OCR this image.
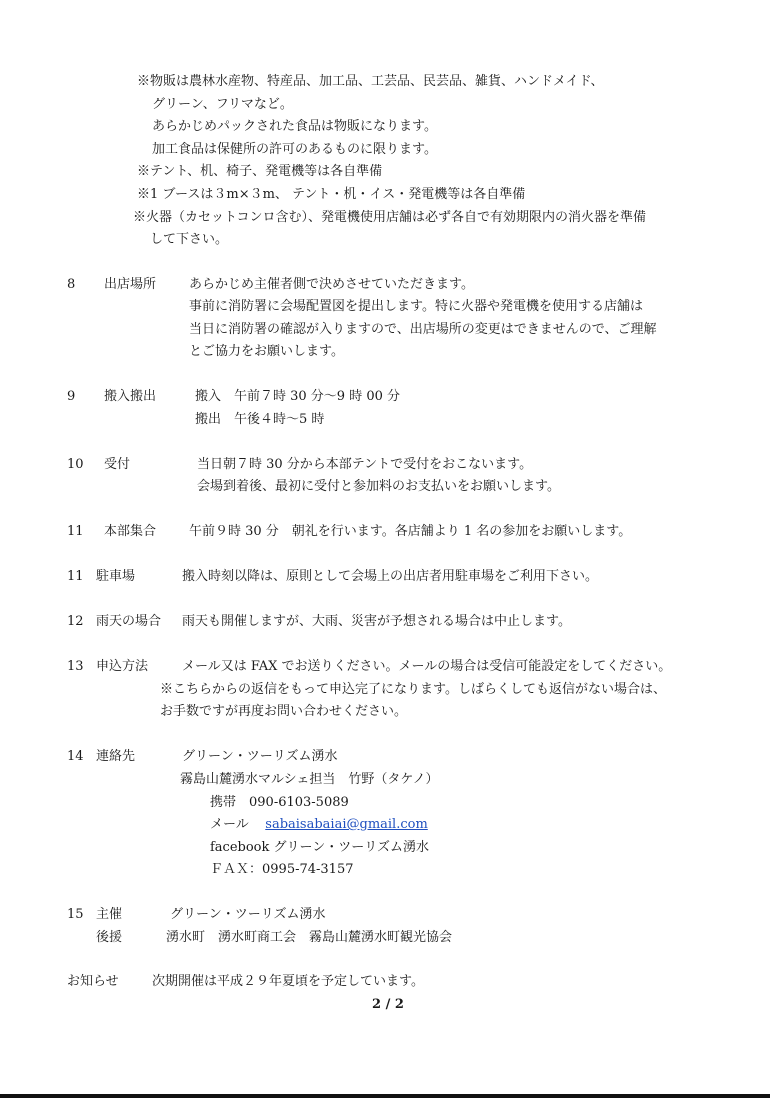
※物販は農林水産物、特産品、加工品、工芸品、民芸品、雑貨、ハンドメイド、
グリーン、フリマなど。
あらかじめパックされた食品は物販になります。
加工食品は保健所の許可のあるものに限ります。
※テント、机、椅子、発電機等は各自準備
※1 ブースは３m×３m、 テント・机・イス・発電機等は各自準備
※火器（カセットコンロ含む）、発電機使用店舗は必ず各自で有効期限内の消火器を準備
して下さい。
8 出店場所	あらかじめ主催者側で決めさせていただきます。
事前に消防署に会場配置図を提出します。特に火器や発電機を使用する店舗は
当日に消防署の確認が入りますので、出店場所の変更はできませんので、ご理解
とご協力をお願いします。
9 搬入搬出	搬入　午前７時 30 分～9 時 00 分
搬出　午後４時～5 時
10 受付	当日朝７時 30 分から本部テントで受付をおこないます。
会場到着後、最初に受付と参加料のお支払いをお願いします。
11 本部集合	午前９時 30 分　朝礼を行います。各店舗より 1 名の参加をお願いします。
11 駐車場	搬入時刻以降は、原則として会場上の出店者用駐車場をご利用下さい。
12 雨天の場合 雨天も開催しますが、大雨、災害が予想される場合は中止します。
13 申込方法	メール又は FAX でお送りください。メールの場合は受信可能設定をしてください。
※こちらからの返信をもって申込完了になります。しばらくしても返信がない場合は、
お手数ですが再度お問い合わせください。
14 連絡先	グリーン・ツーリズム湧水
霧島山麓湧水マルシェ担当　竹野（タケノ）
携帯　090-6103-5089
メール sabaisabaiai@gmail.com
facebook グリーン・ツーリズム湧水
ＦＡＸ：0995-74-3157
15 主催	グリーン・ツーリズム湧水
後援	湧水町　湧水町商工会　霧島山麓湧水町観光協会
お知らせ	次期開催は平成２９年夏頃を予定しています。
2 / 2
